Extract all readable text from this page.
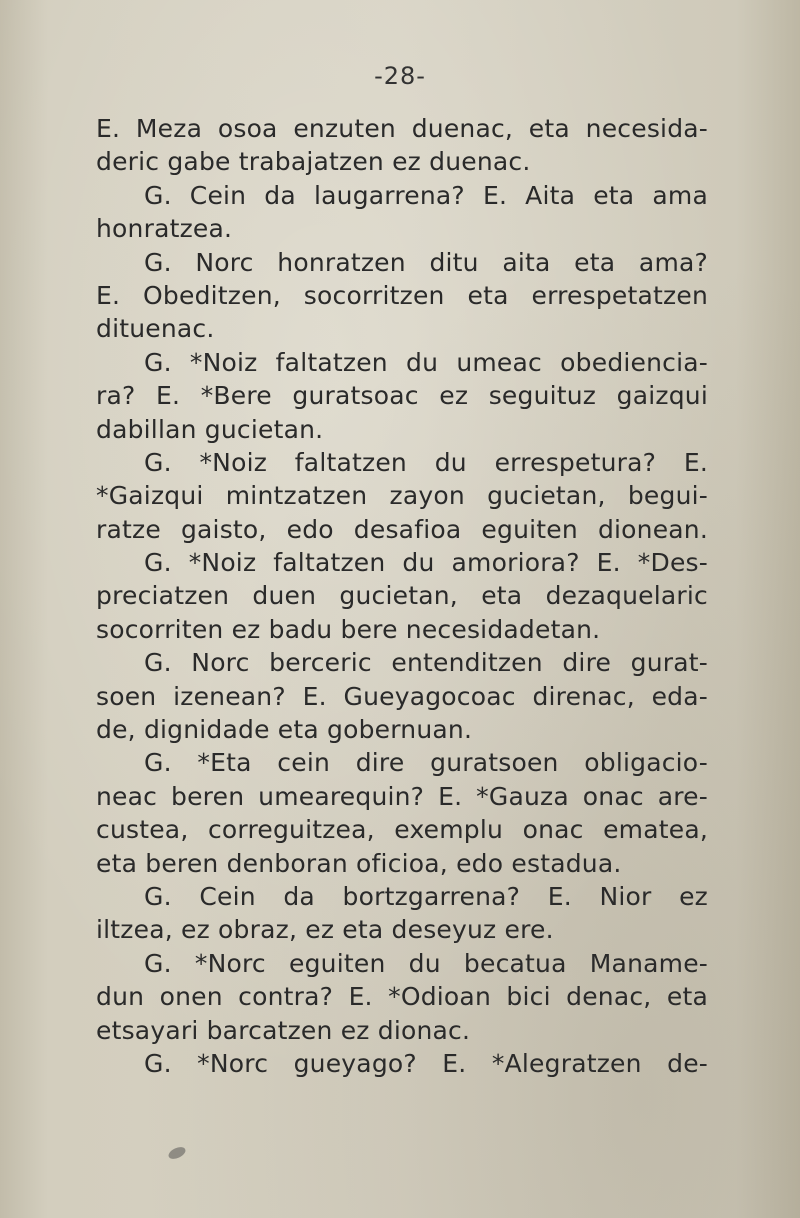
-28-
E. Meza osoa enzuten duenac, eta necesida-
deric gabe trabajatzen ez duenac.
G. Cein da laugarrena? E. Aita eta ama
honratzea.
G. Norc honratzen ditu aita eta ama?
E. Obeditzen, socorritzen eta errespetatzen
dituenac.
G. *Noiz faltatzen du umeac obediencia-
ra? E. *Bere guratsoac ez seguituz gaizqui
dabillan gucietan.
G. *Noiz faltatzen du errespetura? E.
*Gaizqui mintzatzen zayon gucietan, begui-
ratze gaisto, edo desafioa eguiten dionean.
G. *Noiz faltatzen du amoriora? E. *Des-
preciatzen duen gucietan, eta dezaquelaric
socorriten ez badu bere necesidadetan.
G. Norc berceric entenditzen dire gurat-
soen izenean? E. Gueyagocoac direnac, eda-
de, dignidade eta gobernuan.
G. *Eta cein dire guratsoen obligacio-
neac beren umearequin? E. *Gauza onac are-
custea, correguitzea, exemplu onac ematea,
eta beren denboran oficioa, edo estadua.
G. Cein da bortzgarrena? E. Nior ez
iltzea, ez obraz, ez eta deseyuz ere.
G. *Norc eguiten du becatua Maname-
dun onen contra? E. *Odioan bici denac, eta
etsayari barcatzen ez dionac.
G. *Norc gueyago? E. *Alegratzen de-
